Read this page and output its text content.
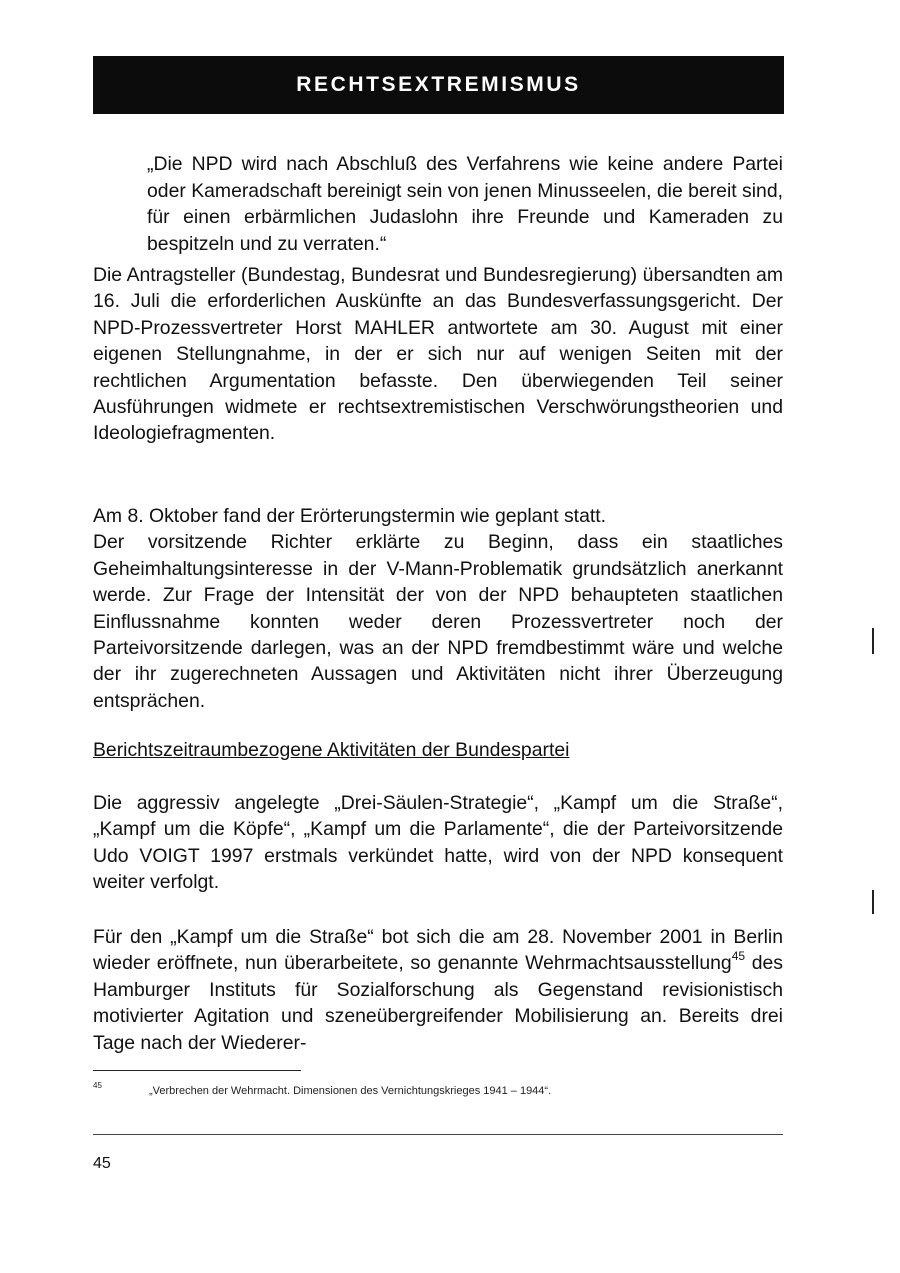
RECHTSEXTREMISMUS

„Die NPD wird nach Abschluß des Verfahrens wie keine andere Partei oder Kameradschaft bereinigt sein von jenen Minusseelen, die bereit sind, für einen erbärmlichen Judaslohn ihre Freunde und Kameraden zu bespitzeln und zu verraten.“

Die Antragsteller (Bundestag, Bundesrat und Bundesregierung) übersandten am 16. Juli die erforderlichen Auskünfte an das Bundesverfassungsgericht. Der NPD-Prozessvertreter Horst MAHLER antwortete am 30. August mit einer eigenen Stellungnahme, in der er sich nur auf wenigen Seiten mit der rechtlichen Argumentation befasste. Den überwiegenden Teil seiner Ausführungen widmete er rechtsextremistischen Verschwörungstheorien und Ideologiefragmenten.

Am 8. Oktober fand der Erörterungstermin wie geplant statt.

Der vorsitzende Richter erklärte zu Beginn, dass ein staatliches Geheimhaltungsinteresse in der V-Mann-Problematik grundsätzlich anerkannt werde. Zur Frage der Intensität der von der NPD behaupteten staatlichen Einflussnahme konnten weder deren Prozessvertreter noch der Parteivorsitzende darlegen, was an der NPD fremdbestimmt wäre und welche der ihr zugerechneten Aussagen und Aktivitäten nicht ihrer Überzeugung entsprächen.

Berichtszeitraumbezogene Aktivitäten der Bundespartei

Die aggressiv angelegte „Drei-Säulen-Strategie“, „Kampf um die Straße“, „Kampf um die Köpfe“, „Kampf um die Parlamente“, die der Parteivorsitzende Udo VOIGT 1997 erstmals verkündet hatte, wird von der NPD konsequent weiter verfolgt.

Für den „Kampf um die Straße“ bot sich die am 28. November 2001 in Berlin wieder eröffnete, nun überarbeitete, so genannte Wehrmachtsausstellung$^{45}$ des Hamburger Instituts für Sozialforschung als Gegenstand revisionistisch motivierter Agitation und szeneübergreifender Mobilisierung an. Bereits drei Tage nach der Wiederer-

45	„Verbrechen der Wehrmacht. Dimensionen des Vernichtungskrieges 1941 – 1944“.
45
